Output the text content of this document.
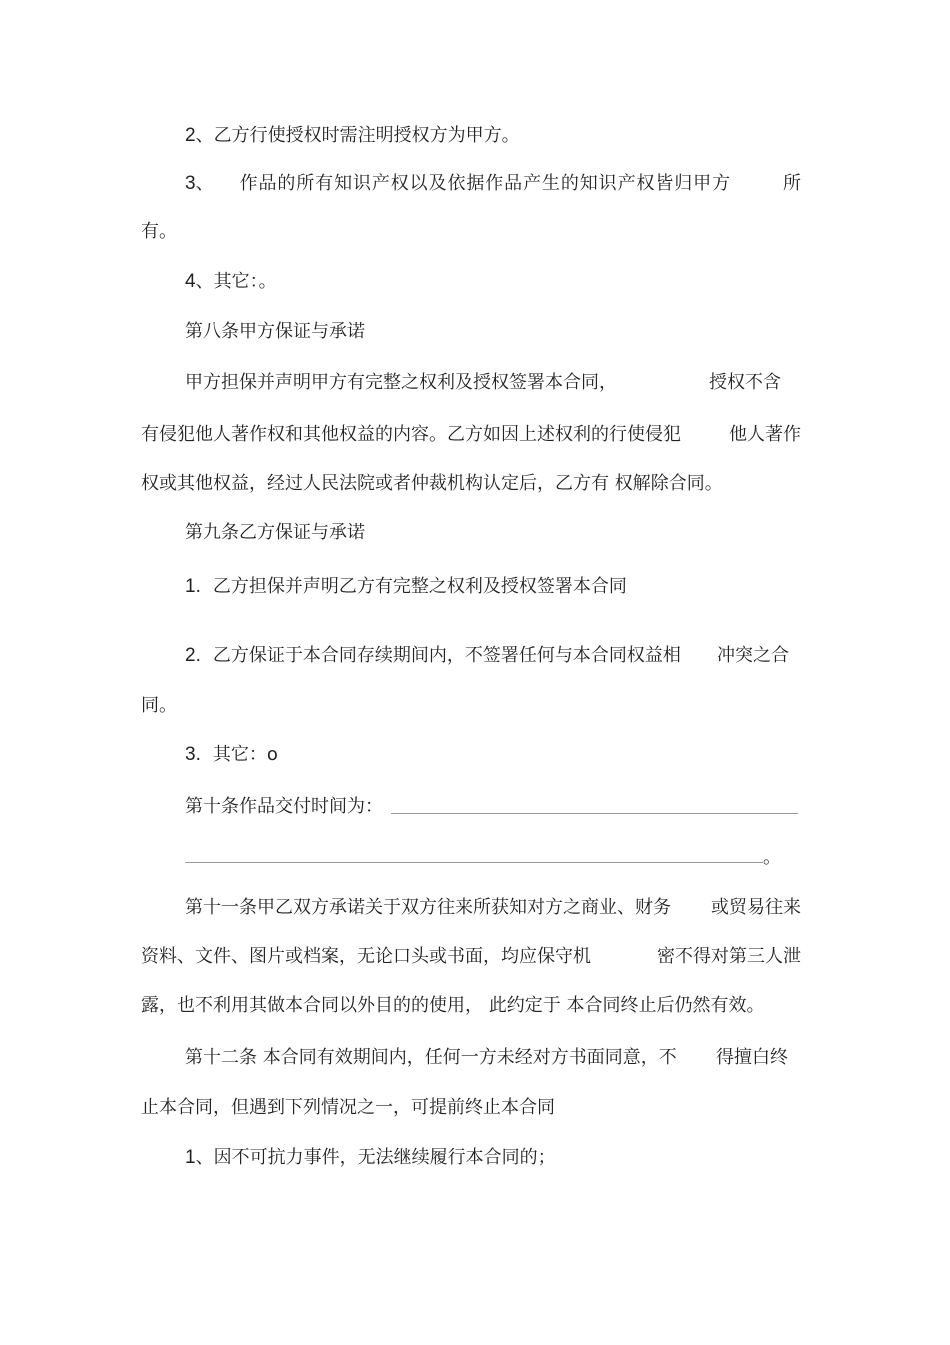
2、乙方行使授权时需注明授权方为甲方。

3 、 作品的所有知识产权以及依据作品产生的知识产权皆归甲方	所

有。

4、其它：。

第八条甲方保证与承诺

甲方担保并声明甲方有完整之权利及授权签署本合同，	授权不含

有侵犯他人著作权和其他权益的内容。乙方如因上述权利的行使侵犯	他人著作

权或其他权益，经过人民法院或者仲裁机构认定后，乙方有 权解除合同。

第九条乙方保证与承诺

1. 乙方担保并声明乙方有完整之权利及授权签署本合同

2. 乙方保证于本合同存续期间内，不签署任何与本合同权益相 冲突之合

同。

3. 其它：o

第十条作品交付时间为：

。

第十一条甲乙双方承诺关于双方往来所获知对方之商业、财务 或贸易往来

资料、文件、图片或档案，无论口头或书面，均应保守机	密不得对第三人泄

露，也不利用其做本合同以外目的的使用， 此约定于 本合同终止后仍然有效。

第十二条 本合同有效期间内，任何一方未经对方书面同意，不 得擅白终

止本合同，但遇到下列情况之一，可提前终止本合同

1、因不可抗力事件，无法继续履行本合同的；
